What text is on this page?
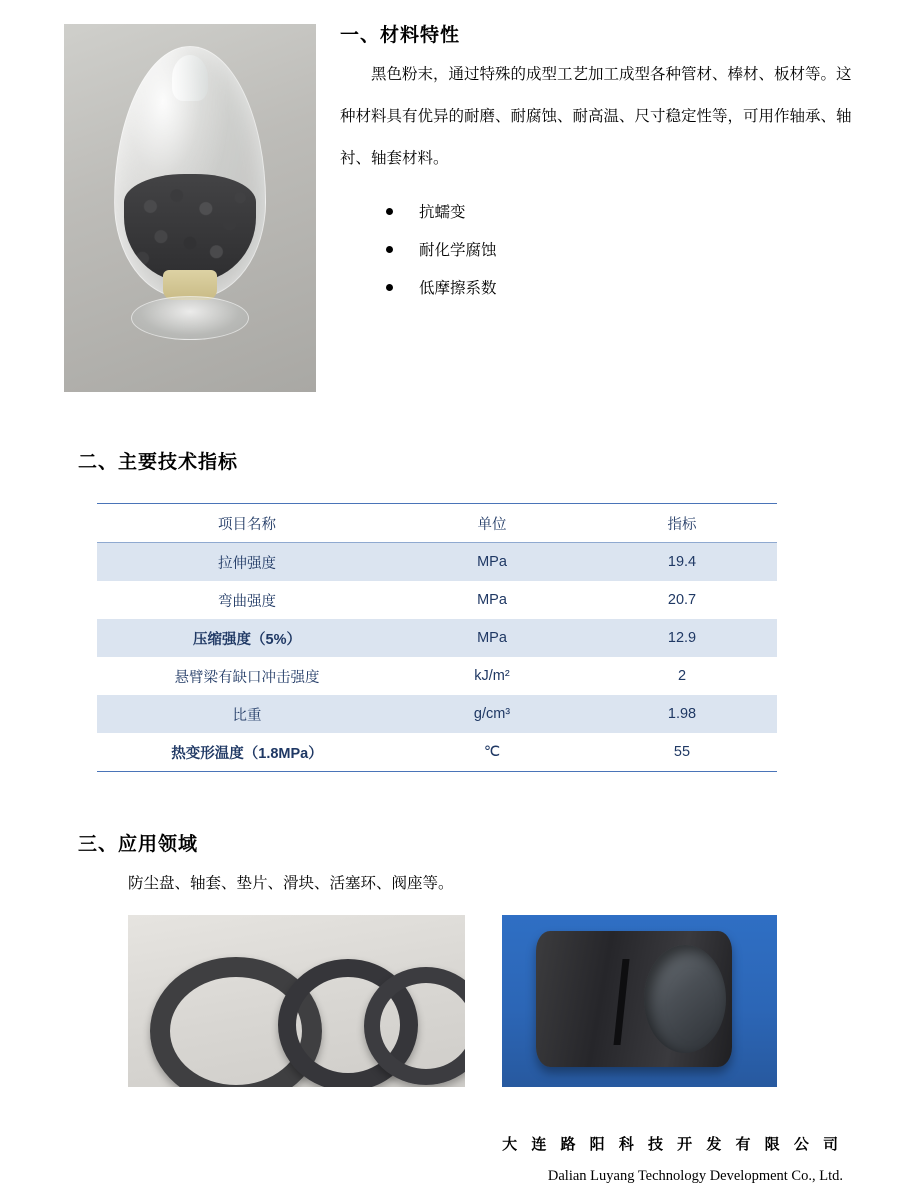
一、材料特性
黑色粉末，通过特殊的成型工艺加工成型各种管材、棒材、板材等。这种材料具有优异的耐磨、耐腐蚀、耐高温、尺寸稳定性等，可用作轴承、轴衬、轴套材料。
抗蠕变
耐化学腐蚀
低摩擦系数
二、主要技术指标
项目名称	单位	指标
拉伸强度	MPa	19.4
弯曲强度	MPa	20.7
压缩强度（5%）	MPa	12.9
悬臂梁有缺口冲击强度	kJ/m²	2
比重	g/cm³	1.98
热变形温度（1.8MPa）	℃	55
三、应用领域
防尘盘、轴套、垫片、滑块、活塞环、阀座等。
大 连 路 阳 科 技 开 发 有 限 公 司
Dalian Luyang Technology Development Co., Ltd.
